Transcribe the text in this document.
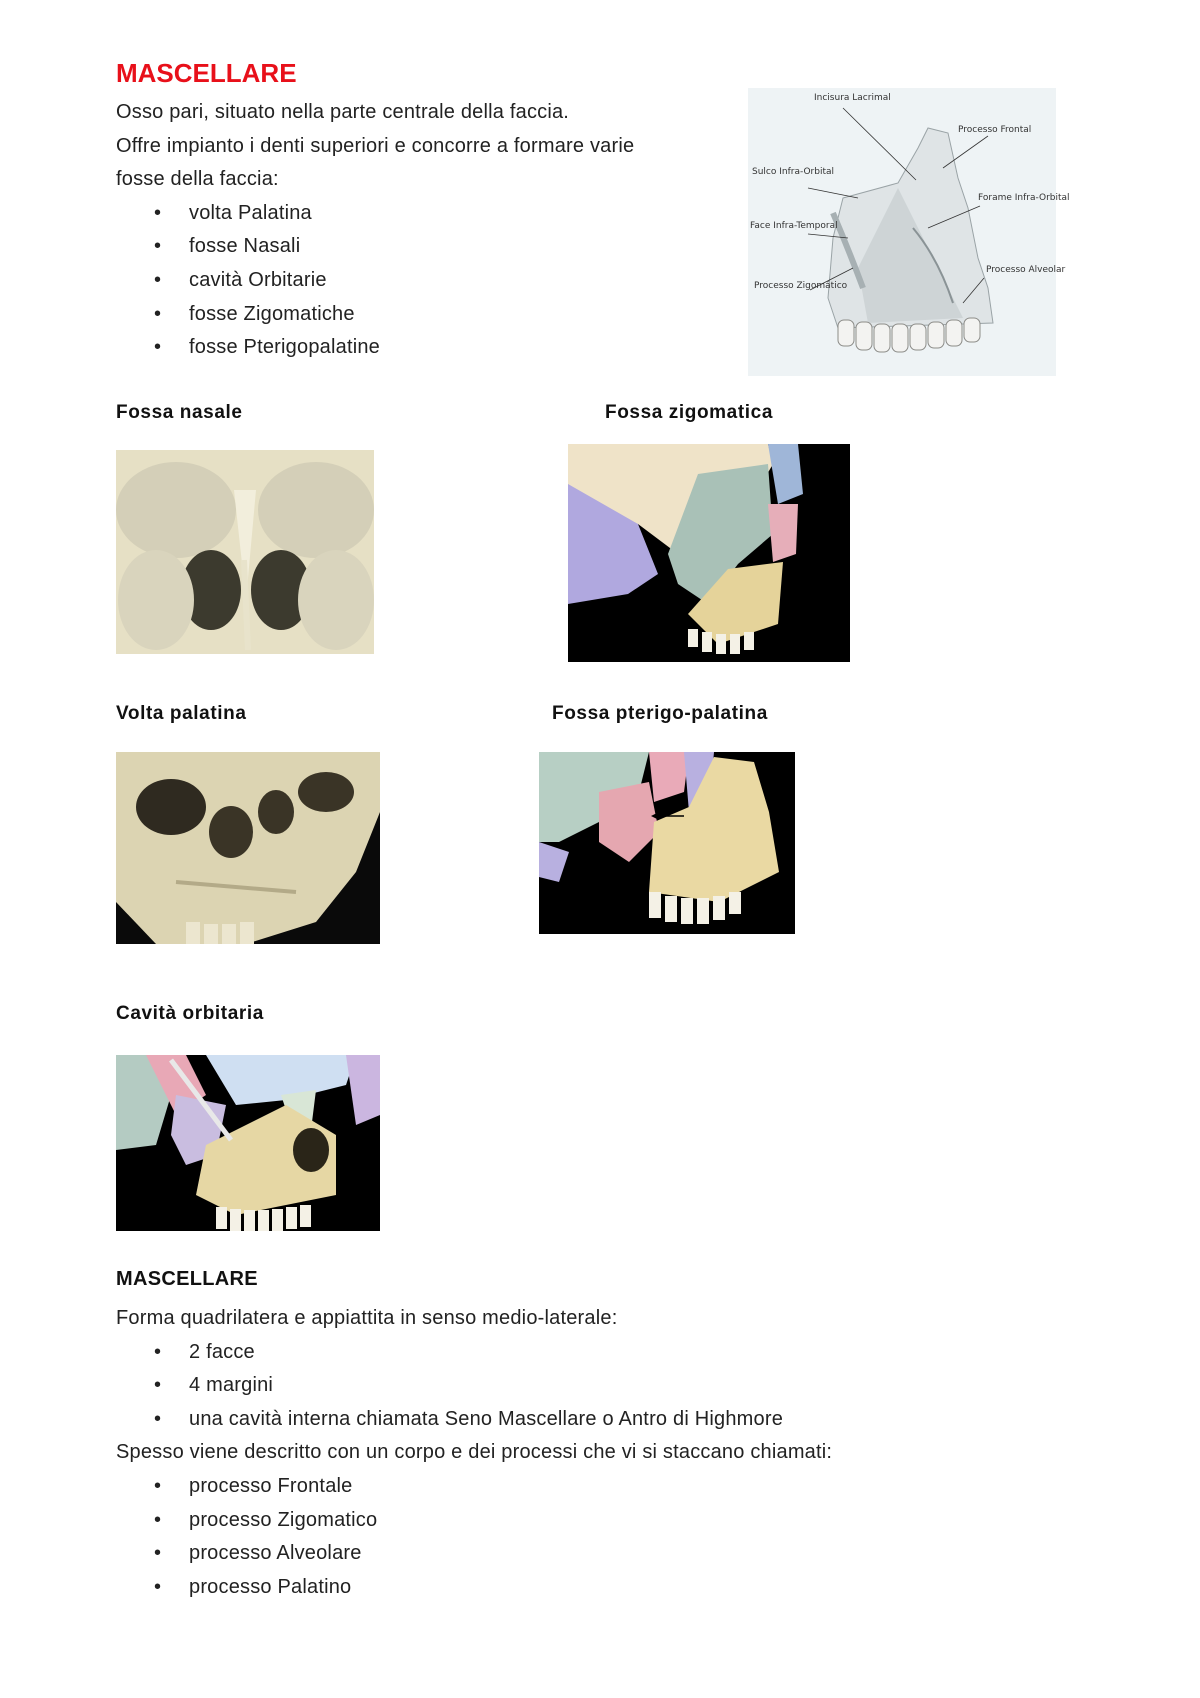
MASCELLARE

Osso pari, situato nella parte centrale della faccia.

Offre impianto i denti superiori e concorre a formare varie

fosse della faccia:

• volta Palatina
• fosse Nasali
• cavità Orbitarie
• fosse Zigomatiche
• fosse Pterigopalatine
Incisura Lacrimal
Processo Frontal
Sulco Infra-Orbital
Forame Infra-Orbital
Face Infra-Temporal
Processo Zigomático
Processo Alveolar
Fossa nasale	Fossa zigomatica
Volta palatina	Fossa pterigo-palatina
Cavità orbitaria
MASCELLARE

Forma quadrilatera e appiattita in senso medio-laterale:

• 2 facce
• 4 margini
• una cavità interna chiamata Seno Mascellare o Antro di Highmore

Spesso viene descritto con un corpo e dei processi che vi si staccano chiamati:

• processo Frontale
• processo Zigomatico
• processo Alveolare
• processo Palatino
